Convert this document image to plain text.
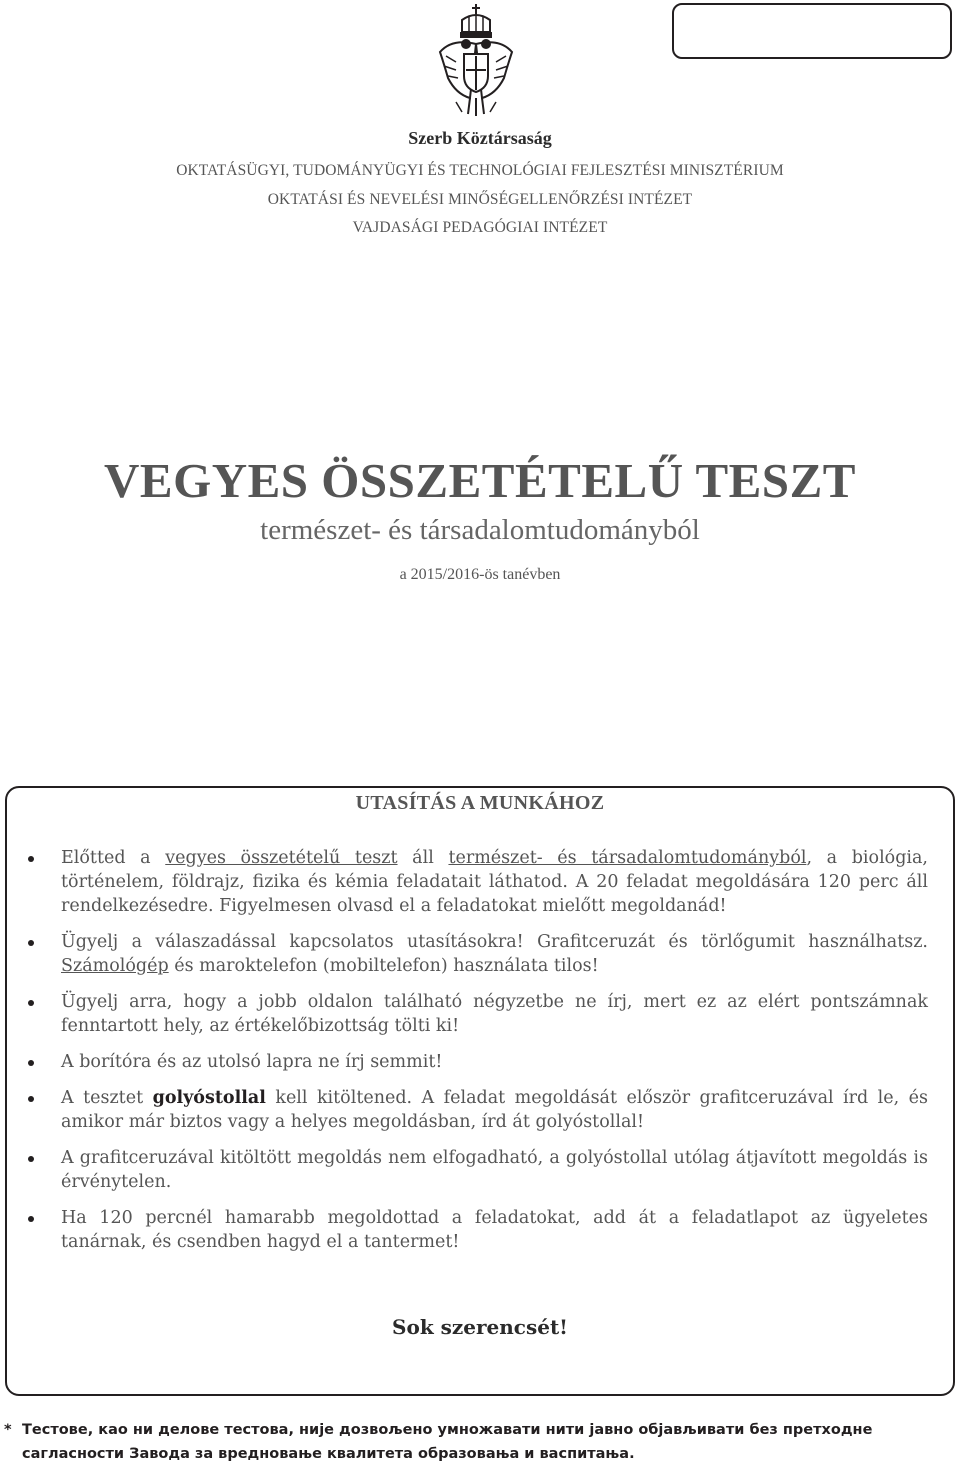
Szerb Köztársaság
OKTATÁSÜGYI, TUDOMÁNYÜGYI ÉS TECHNOLÓGIAI FEJLESZTÉSI MINISZTÉRIUM
OKTATÁSI ÉS NEVELÉSI MINŐSÉGELLENŐRZÉSI INTÉZET
VAJDASÁGI PEDAGÓGIAI INTÉZET
VEGYES ÖSSZETÉTELŰ TESZT
természet- és társadalomtudományból
a 2015/2016-ös tanévben
UTASÍTÁS A MUNKÁHOZ
Előtted a vegyes összetételű teszt áll természet- és társadalomtudományból, a biológia, történelem, földrajz, fizika és kémia feladatait láthatod. A 20 feladat megoldására 120 perc áll rendelkezésedre. Figyelmesen olvasd el a feladatokat mielőtt megoldanád!
Ügyelj a válaszadással kapcsolatos utasításokra! Grafitceruzát és törlőgumit használhatsz. Számológép és maroktelefon (mobiltelefon) használata tilos!
Ügyelj arra, hogy a jobb oldalon található négyzetbe ne írj, mert ez az elért pontszámnak fenntartott hely, az értékelőbizottság tölti ki!
A borítóra és az utolsó lapra ne írj semmit!
A tesztet golyóstollal kell kitöltened. A feladat megoldását először grafitceruzával írd le, és amikor már biztos vagy a helyes megoldásban, írd át golyóstollal!
A grafitceruzával kitöltött megoldás nem elfogadható, a golyóstollal utólag átjavított megoldás is érvénytelen.
Ha 120 percnél hamarabb megoldottad a feladatokat, add át a feladatlapot az ügyeletes tanárnak, és csendben hagyd el a tantermet!
Sok szerencsét!
* Тестове, као ни делове тестова, није дозвољено умножавати нити јавно објављивати без претходне сагласности Завода за вредновање квалитета образовања и васпитања.
